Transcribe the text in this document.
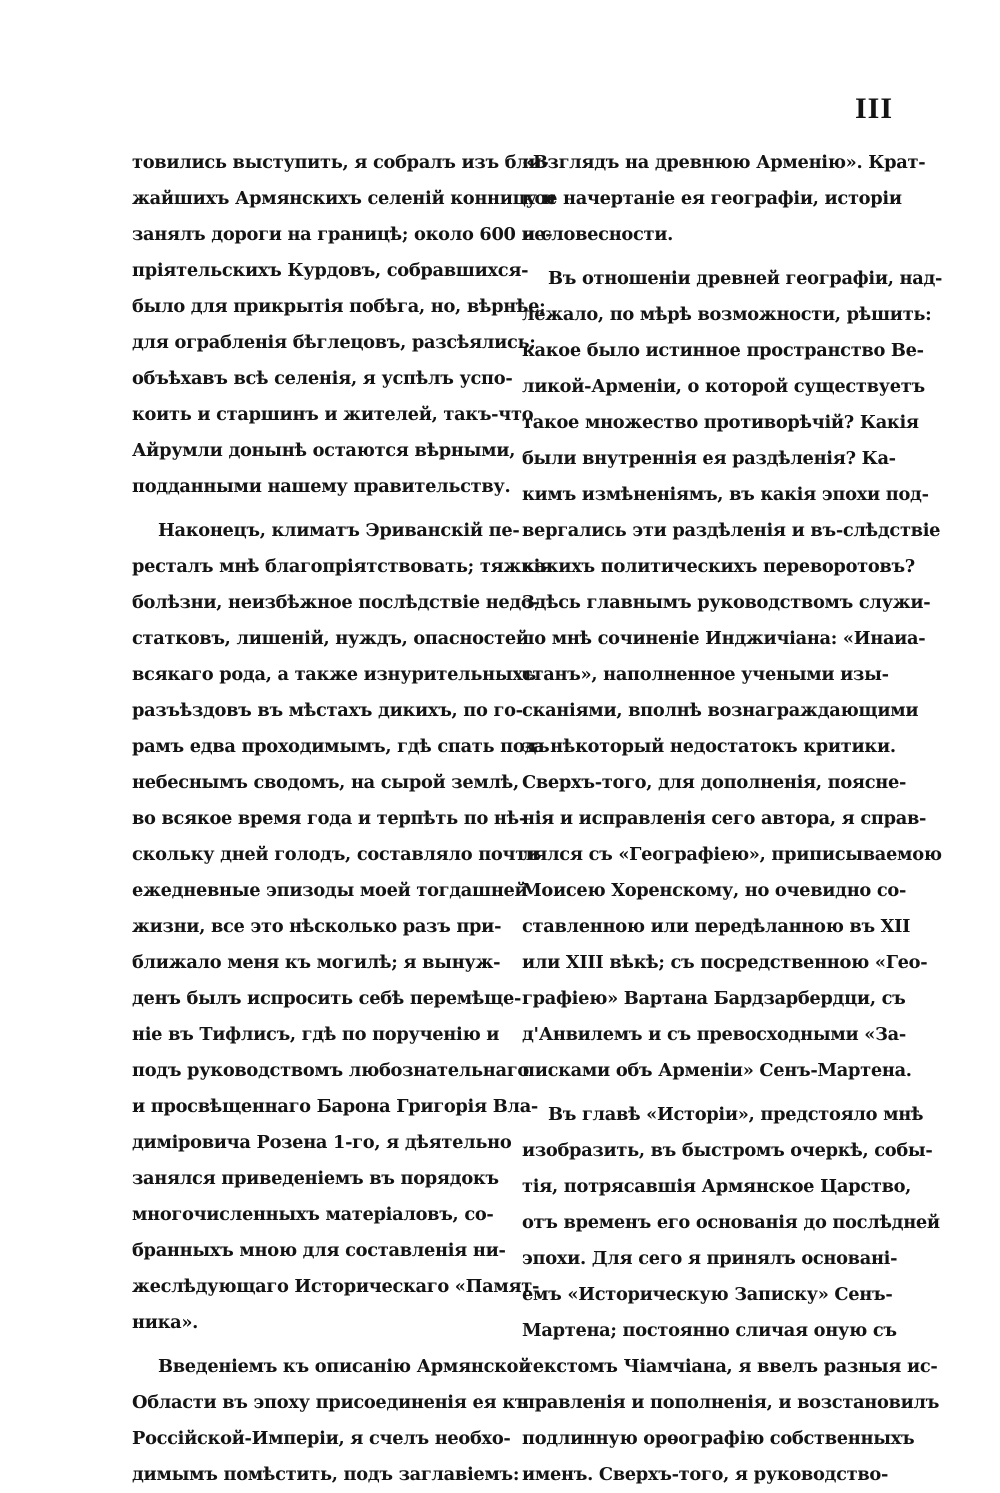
III
товились выступить, я собралъ изъ бли-
жайшихъ Армянскихъ селеній конницу и
занялъ дороги на границѣ; около 600 не-
пріятельскихъ Курдовъ, собравшихся-
было для прикрытія побѣга, но, вѣрнѣе;
для ограбленія бѣглецовъ, разсѣялись;
объѣхавъ всѣ селенія, я успѣлъ успо-
коить и старшинъ и жителей, такъ-что
Айрумли донынѣ остаются вѣрными,
подданными нашему правительству.
Наконецъ, климатъ Эриванскій пе-
ресталъ мнѣ благопріятствовать; тяжкія
болѣзни, неизбѣжное послѣдствіе недо-
статковъ, лишеній, нуждъ, опасностей
всякаго рода, а также изнурительныхъ
разъѣздовъ въ мѣстахъ дикихъ, по го-
рамъ едва проходимымъ, гдѣ спать подъ
небеснымъ сводомъ, на сырой землѣ,
во всякое время года и терпѣть по нѣ-
скольку дней голодъ, составляло почти
ежедневные эпизоды моей тогдашней
жизни, все это нѣсколько разъ при-
ближало меня къ могилѣ; я вынуж-
денъ былъ испросить себѣ перемѣще-
ніе въ Тифлисъ, гдѣ по порученію и
подъ руководствомъ любознательнаго
и просвѣщеннаго Барона Григорія Вла-
диміровича Розена 1-го, я дѣятельно
занялся приведеніемъ въ порядокъ
многочисленныхъ матеріаловъ, со-
бранныхъ мною для составленія ни-
жеслѣдующаго Историческаго «Памят-
ника».
Введеніемъ къ описанію Армянской
Области въ эпоху присоединенія ея къ
Россійской-Имперіи, я счелъ необхо-
димымъ помѣстить, подъ заглавіемъ:
«Взглядъ на древнюю Арменію». Крат-
кое начертаніе ея географіи, исторіи
и словесности.
Въ отношеніи древней географіи, над-
лежало, по мѣрѣ возможности, рѣшить:
какое было истинное пространство Ве-
ликой-Арменіи, о которой существуетъ
такое множество противорѣчій? Какія
были внутреннія ея раздѣленія? Ка-
кимъ измѣненіямъ, въ какія эпохи под-
вергались эти раздѣленія и въ-слѣдствіе
какихъ политическихъ переворотовъ?
Здѣсь главнымъ руководствомъ служи-
ло мнѣ сочиненіе Инджичіана: «Инаиа-
станъ», наполненное учеными изы-
сканіями, вполнѣ вознаграждающими
за нѣкоторый недостатокъ критики.
Сверхъ-того, для дополненія, поясне-
нія и исправленія сего автора, я справ-
лялся съ «Географіею», приписываемою
Моисею Хоренскому, но очевидно со-
ставленною или передѣланною въ XII
или XIII вѣкѣ; съ посредственною «Гео-
графіею» Вартана Бардзарбердци, съ
д'Анвилемъ и съ превосходными «За-
писками объ Арменіи» Сенъ-Мартена.
Въ главѣ «Исторіи», предстояло мнѣ
изобразить, въ быстромъ очеркѣ, собы-
тія, потрясавшія Армянское Царство,
отъ временъ его основанія до послѣдней
эпохи. Для сего я принялъ основані-
емъ «Историческую Записку» Сенъ-
Мартена; постоянно сличая оную съ
текстомъ Чіамчіана, я ввелъ разныя ис-
правленія и пополненія, и возстановилъ
подлинную орѳографію собственныхъ
именъ. Сверхъ-того, я руководство-
